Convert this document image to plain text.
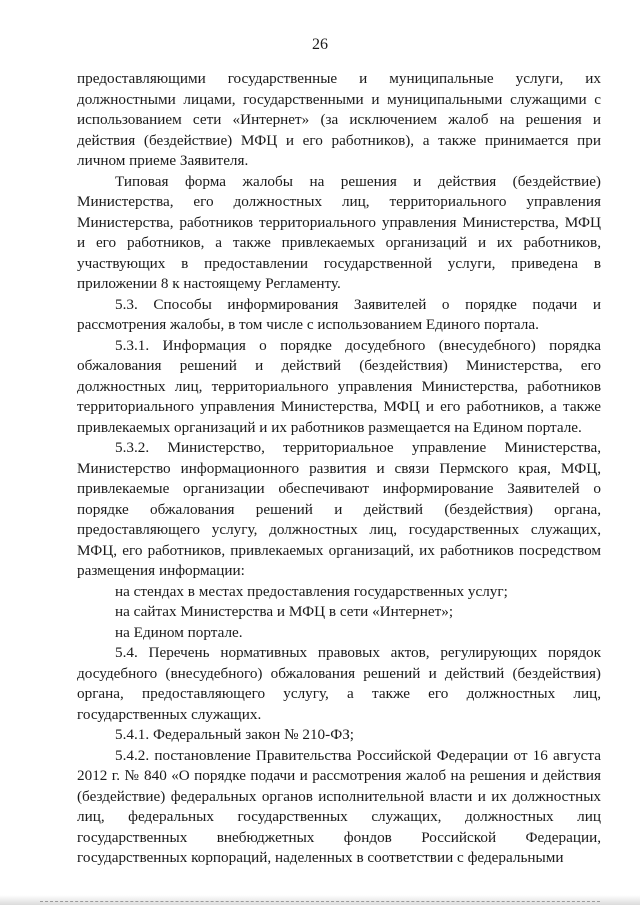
26

предоставляющими государственные и муниципальные услуги, их должностными лицами, государственными и муниципальными служащими с использованием сети «Интернет» (за исключением жалоб на решения и действия (бездействие) МФЦ и его работников), а также принимается при личном приеме Заявителя.

Типовая форма жалобы на решения и действия (бездействие) Министерства, его должностных лиц, территориального управления Министерства, работников территориального управления Министерства, МФЦ и его работников, а также привлекаемых организаций и их работников, участвующих в предоставлении государственной услуги, приведена в приложении 8 к настоящему Регламенту.

5.3. Способы информирования Заявителей о порядке подачи и рассмотрения жалобы, в том числе с использованием Единого портала.

5.3.1. Информация о порядке досудебного (внесудебного) порядка обжалования решений и действий (бездействия) Министерства, его должностных лиц, территориального управления Министерства, работников территориального управления Министерства, МФЦ и его работников, а также привлекаемых организаций и их работников размещается на Едином портале.

5.3.2. Министерство, территориальное управление Министерства, Министерство информационного развития и связи Пермского края, МФЦ, привлекаемые организации обеспечивают информирование Заявителей о порядке обжалования решений и действий (бездействия) органа, предоставляющего услугу, должностных лиц, государственных служащих, МФЦ, его работников, привлекаемых организаций, их работников посредством размещения информации:

на стендах в местах предоставления государственных услуг;

на сайтах Министерства и МФЦ в сети «Интернет»;

на Едином портале.

5.4. Перечень нормативных правовых актов, регулирующих порядок досудебного (внесудебного) обжалования решений и действий (бездействия) органа, предоставляющего услугу, а также его должностных лиц, государственных служащих.

5.4.1. Федеральный закон № 210-ФЗ;

5.4.2. постановление Правительства Российской Федерации от 16 августа 2012 г. № 840 «О порядке подачи и рассмотрения жалоб на решения и действия (бездействие) федеральных органов исполнительной власти и их должностных лиц, федеральных государственных служащих, должностных лиц государственных внебюджетных фондов Российской Федерации, государственных корпораций, наделенных в соответствии с федеральными
